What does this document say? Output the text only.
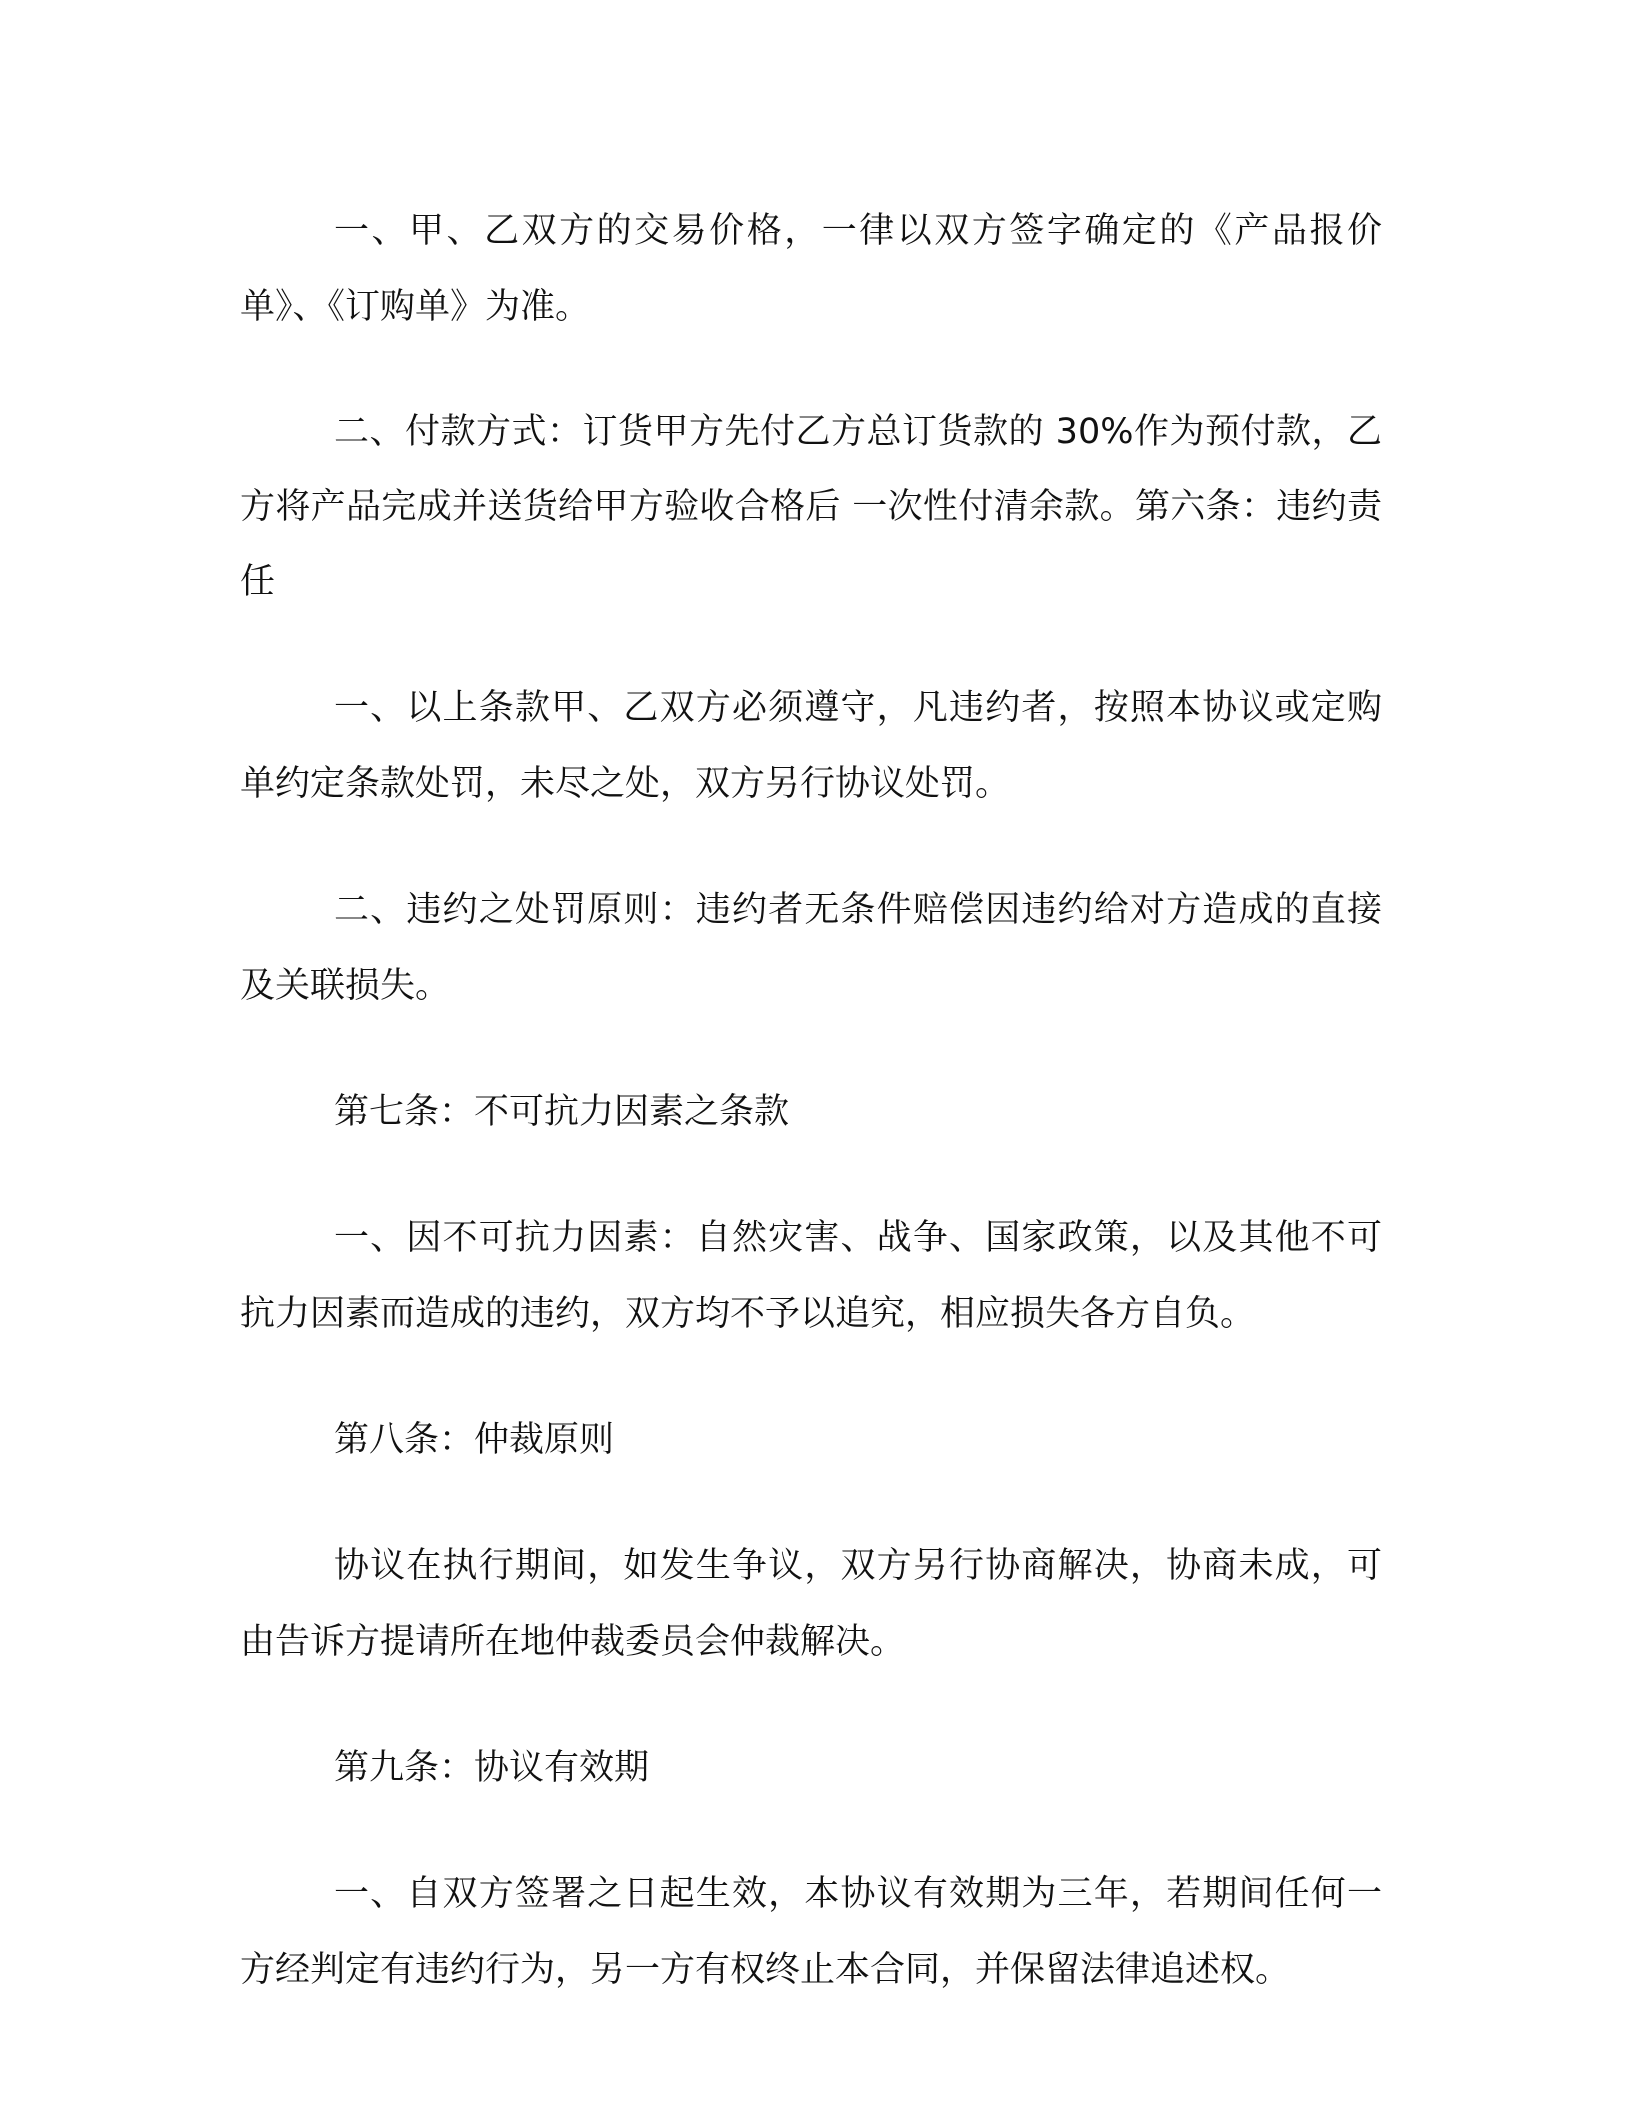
一、甲、乙双方的交易价格，一律以双方签字确定的《产品报价单》、《订购单》为准。

二、付款方式：订货甲方先付乙方总订货款的 30%作为预付款，乙方将产品完成并送货给甲方验收合格后 一次性付清余款。第六条：违约责任

一、以上条款甲、乙双方必须遵守，凡违约者，按照本协议或定购单约定条款处罚，未尽之处，双方另行协议处罚。

二、违约之处罚原则：违约者无条件赔偿因违约给对方造成的直接及关联损失。

第七条：不可抗力因素之条款

一、因不可抗力因素：自然灾害、战争、国家政策，以及其他不可抗力因素而造成的违约，双方均不予以追究，相应损失各方自负。

第八条：仲裁原则

协议在执行期间，如发生争议，双方另行协商解决，协商未成，可由告诉方提请所在地仲裁委员会仲裁解决。

第九条：协议有效期

一、自双方签署之日起生效，本协议有效期为三年，若期间任何一方经判定有违约行为，另一方有权终止本合同，并保留法律追述权。
